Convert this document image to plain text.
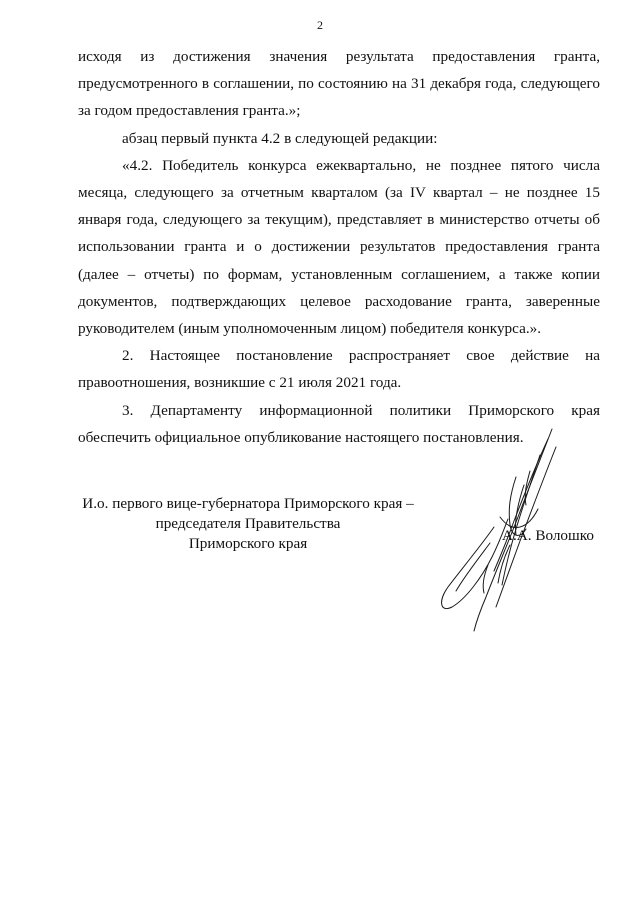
2

исходя из достижения значения результата предоставления гранта, предусмотренного в соглашении, по состоянию на 31 декабря года, следующего за годом предоставления гранта.»;

абзац первый пункта 4.2 в следующей редакции:

«4.2. Победитель конкурса ежеквартально, не позднее пятого числа месяца, следующего за отчетным кварталом (за IV квартал – не позднее 15 января года, следующего за текущим), представляет в министерство отчеты об использовании гранта и о достижении результатов предоставления гранта (далее – отчеты) по формам, установленным соглашением, а также копии документов, подтверждающих целевое расходование гранта, заверенные руководителем (иным уполномоченным лицом) победителя конкурса.».

2. Настоящее постановление распространяет свое действие на правоотношения, возникшие с 21 июля 2021 года.

3. Департаменту информационной политики Приморского края обеспечить официальное опубликование настоящего постановления.

И.о. первого вице-губернатора Приморского края –
председателя Правительства
Приморского края	А.А. Волошко
